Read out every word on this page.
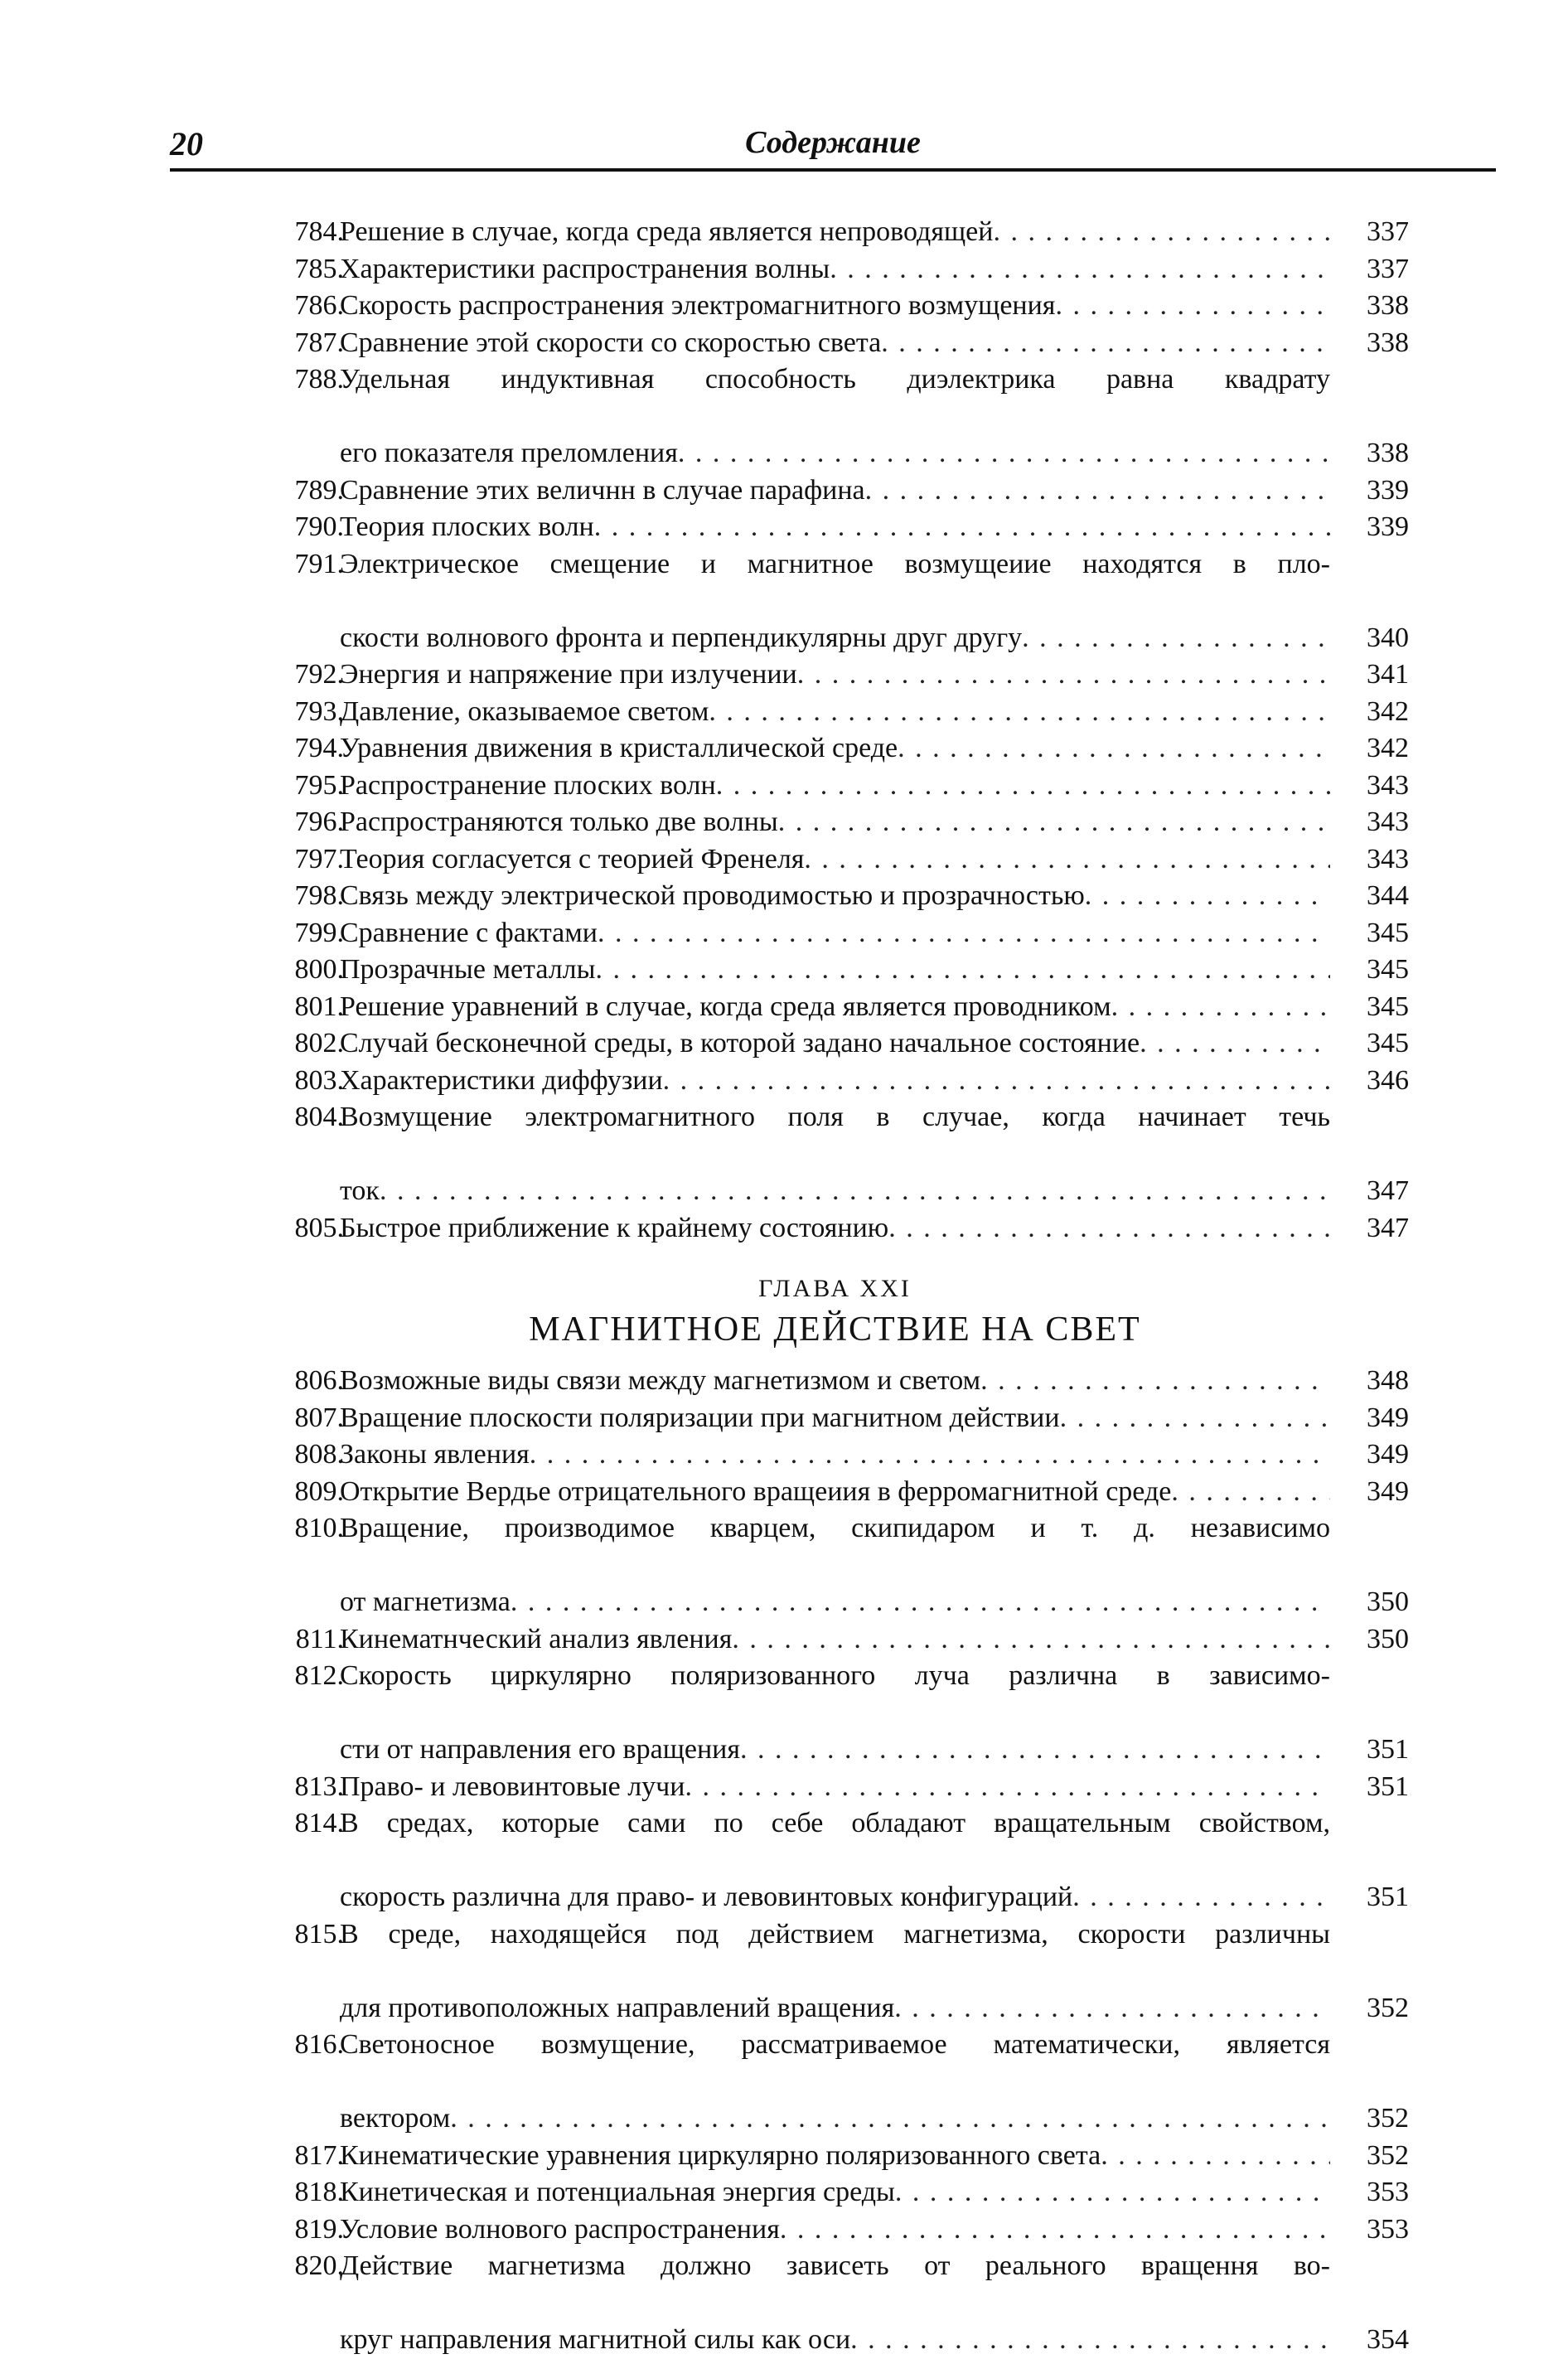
20	Содержание
784.
Решение в случае, когда среда является непроводящей . . .	337
785.
Характеристики распространения волны . . .	337
786.
Скорость распространения электромагнитного возмущения . . .	338
787.
Сравнение этой скорости со скоростью света . . .	338
788.
Удельная индуктивная способность диэлектрика равна квадрату
его показателя преломления . . .	338
789.
Сравнение этих величнн в случае парафина . . .	339
790.
Теория плоских волн . . .	339
791.
Электрическое смещение и магнитное возмущеиие находятся в пло-
скости волнового фронта и перпендикулярны друг другу . . .	340
792.
Энергия и напряжение при излучении . . .	341
793.
Давление, оказываемое светом . . .	342
794.
Уравнения движения в кристаллической среде . . .	342
795.
Распространение плоских волн . . .	343
796.
Распространяются только две волны . . .	343
797.
Теория согласуется с теорией Френеля . . .	343
798.
Связь между электрической проводимостью и прозрачностью . . .	344
799.
Сравнение с фактами . . .	345
800.
Прозрачные металлы . . .	345
801.
Решение уравнений в случае, когда среда является проводником . . .	345
802.
Случай бесконечной среды, в которой задано начальное состояние . . .	345
803.
Характеристики диффузии . . .	346
804.
Возмущение электромагнитного поля в случае, когда начинает течь
ток . . .	347
805.
Быстрое приближение к крайнему состоянию . . .	347
ГЛАВА XXI
МАГНИТНОЕ ДЕЙСТВИЕ НА СВЕТ
806.
Возможные виды связи между магнетизмом и светом . . .	348
807.
Вращение плоскости поляризации при магнитном действии . . .	349
808.
Законы явления . . .	349
809.
Открытие Вердье отрицательного вращеиия в ферромагнитной среде . . .	349
810.
Вращение, производимое кварцем, скипидаром и т. д. независимо
от магнетизма . . .	350
811.
Кинематнческий анализ явления . . .	350
812.
Скорость циркулярно поляризованного луча различна в зависимо-
сти от направления его вращения . . .	351
813.
Право- и левовинтовые лучи . . .	351
814.
В средах, которые сами по себе обладают вращательным свойством,
скорость различна для право- и левовинтовых конфигураций . . .	351
815.
В среде, находящейся под действием магнетизма, скорости различны
для противоположных направлений вращения . . .	352
816.
Светоносное возмущение, рассматриваемое математически, является
вектором . . .	352
817.
Кинематические уравнения циркулярно поляризованного света . . .	352
818.
Кинетическая и потенциальная энергия среды . . .	353
819.
Условие волнового распространения . . .	353
820.
Действие магнетизма должно зависеть от реального вращення во-
круг направления магнитной силы как оси . . .	354
